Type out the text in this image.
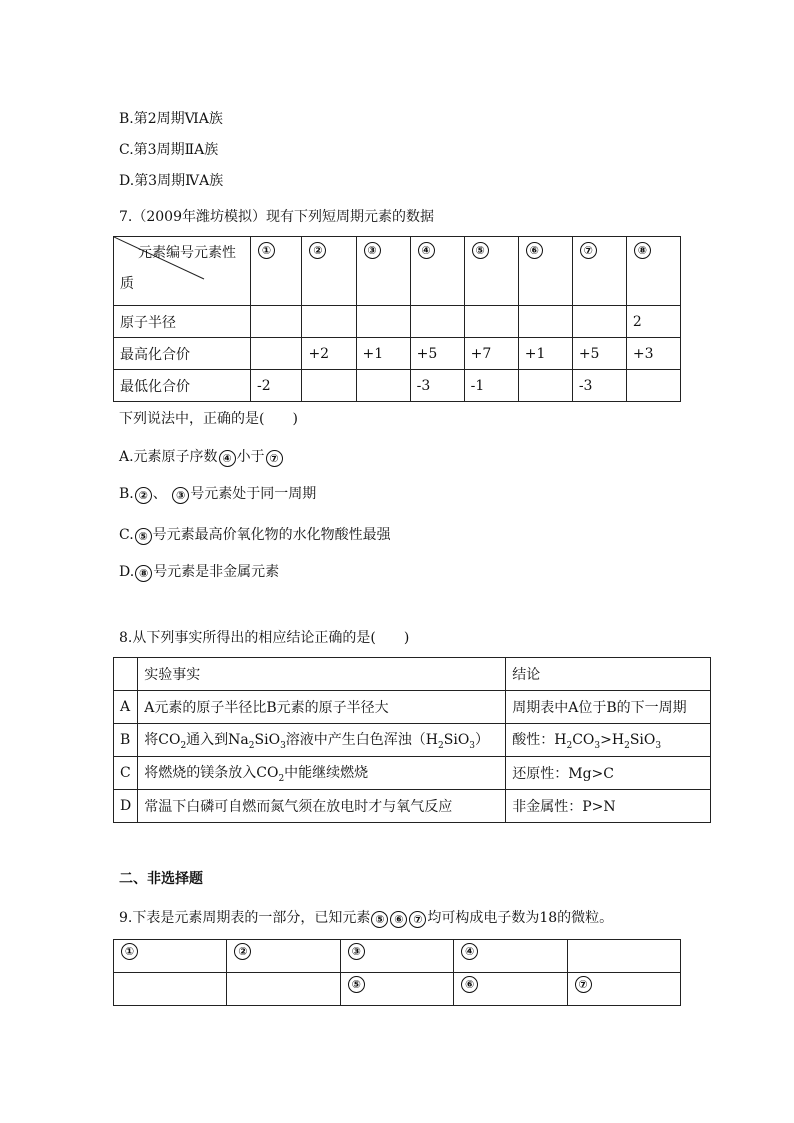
B.第2周期ⅥA族
C.第3周期ⅡA族
D.第3周期ⅣA族
7.（2009年潍坊模拟）现有下列短周期元素的数据
元素编号元素性
质	①	②	③	④	⑤	⑥	⑦	⑧
原子半径								2
最高化合价		+2	+1	+5	+7	+1	+5	+3
最低化合价	-2			-3	-1		-3	
下列说法中，正确的是(　　)
A.元素原子序数 ④ 小于 ⑦
B. ② 、 ③ 号元素处于同一周期
C. ⑤ 号元素最高价氧化物的水化物酸性最强
D. ⑧ 号元素是非金属元素
8.从下列事实所得出的相应结论正确的是(　　)
	实验事实	结论
A	A元素的原子半径比B元素的原子半径大	周期表中A位于B的下一周期
B	将$CO_2$通入到$Na_2SiO_3$溶液中产生白色浑浊$(H_2SiO_3)$	酸性：$H_2CO_3>H_2SiO_3$
C	将燃烧的镁条放入$CO_2$中能继续燃烧	还原性：Mg>C
D	常温下白磷可自燃而氮气须在放电时才与氧气反应	非金属性：P>N
二、非选择题
9.下表是元素周期表的一部分，已知元素 ⑤ ⑥ ⑦ 均可构成电子数为18的微粒。
①	②	③	④	
		⑤	⑥	⑦
